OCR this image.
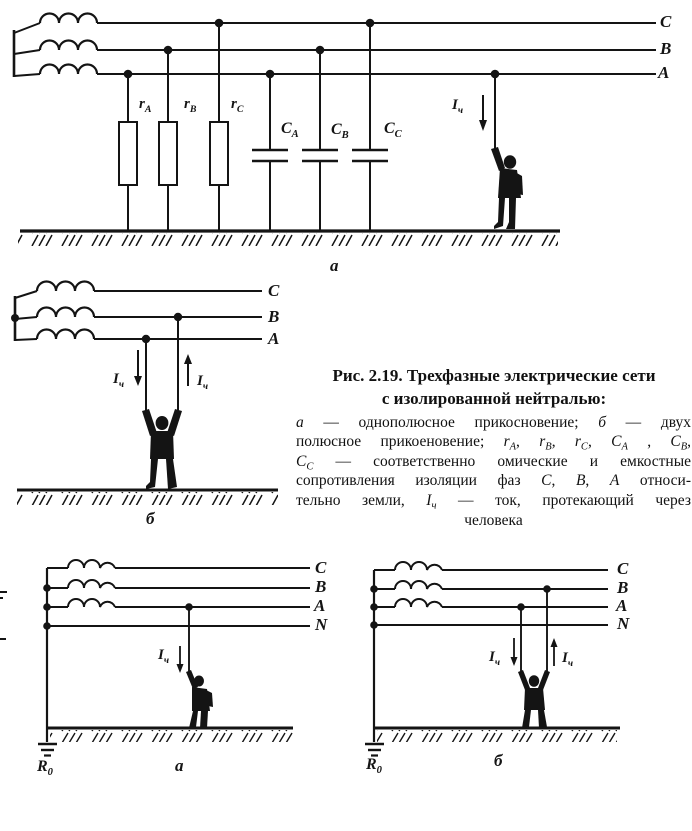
C
B
A
$r_A$ $r_B$ $r_C$
$C_A$ $C_B$ $C_C$
$I_ч$
а
C
B
A
$I_ч$	$I_ч$
б
Рис. 2.19. Трехфазные электрические сети
с изолированной нейтралью:
а — однополюсное прикосновение; б — двух
полюсное прикоеновение; $r_A$, $r_B$, $r_C$, $C_A$ , $C_B$,
$C_C$ — соответственно омические и емкостные
сопротивления изоляции фаз C, B, A относи-
тельно земли, $I_ч$ — ток, протекающий через
человека
C
B
A
N
$I_ч$
$R_0$	а
C
B
A
N
$I_ч$	$I_ч$
$R_0$
б
